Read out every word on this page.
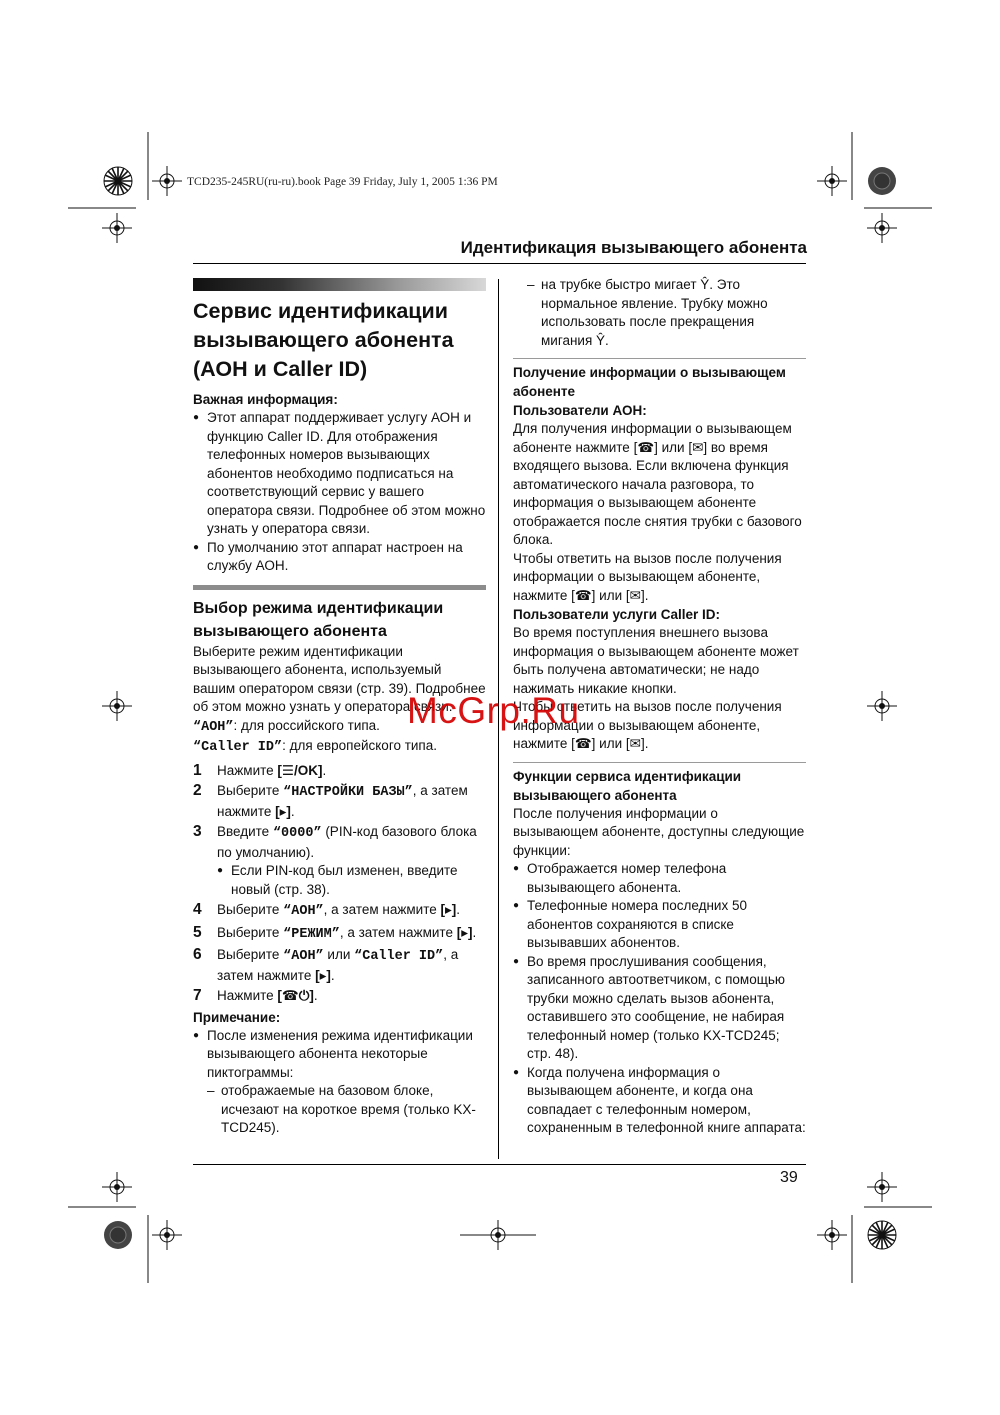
TCD235-245RU(ru-ru).book Page 39 Friday, July 1, 2005 1:36 PM
Идентификация вызывающего абонента
Сервис идентификации
вызывающего абонента
(АОН и Caller ID)
Важная информация:
● Этот аппарат поддерживает услугу АОН и функцию Caller ID. Для отображения телефонных номеров вызывающих абонентов необходимо подписаться на соответствующий сервис у вашего оператора связи. Подробнее об этом можно узнать у оператора связи.
● По умолчанию этот аппарат настроен на службу АОН.
Выбор режима идентификации
вызывающего абонента
Выберите режим идентификации вызывающего абонента, используемый вашим оператором связи (стр. 39). Подробнее об этом можно узнать у оператора связи.
“АОН”: для российского типа.
“Caller ID”: для европейского типа.
1 Нажмите [☰/OK].
2 Выберите “НАСТРОЙКИ БАЗЫ”, а затем нажмите [▸].
3 Введите “0000” (PIN-код базового блока по умолчанию).
● Если PIN-код был изменен, введите новый (стр. 38).
4 Выберите “АОН”, а затем нажмите [▸].
5 Выберите “РЕЖИМ”, а затем нажмите [▸].
6 Выберите “АОН” или “Caller ID”, а затем нажмите [▸].
7 Нажмите [☎⏻].
Примечание:
● После изменения режима идентификации вызывающего абонента некоторые пиктограммы:
– отображаемые на базовом блоке, исчезают на короткое время (только KX-TCD245).
– на трубке быстро мигает Ŷ. Это нормальное явление. Трубку можно использовать после прекращения мигания Ŷ.
Получение информации о вызывающем абоненте
Пользователи АОН:
Для получения информации о вызывающем абоненте нажмите [☎] или [✉] во время входящего вызова. Если включена функция автоматического начала разговора, то информация о вызывающем абоненте отображается после снятия трубки с базового блока.
Чтобы ответить на вызов после получения информации о вызывающем абоненте, нажмите [☎] или [✉].
Пользователи услуги Caller ID:
Во время поступления внешнего вызова информация о вызывающем абоненте может быть получена автоматически; не надо нажимать никакие кнопки.
Чтобы ответить на вызов после получения информации о вызывающем абоненте, нажмите [☎] или [✉].
Функции сервиса идентификации вызывающего абонента
После получения информации о вызывающем абоненте, доступны следующие функции:
● Отображается номер телефона вызывающего абонента.
● Телефонные номера последних 50 абонентов сохраняются в списке вызывавших абонентов.
● Во время прослушивания сообщения, записанного автоответчиком, с помощью трубки можно сделать вызов абонента, оставившего это сообщение, не набирая телефонный номер (только KX-TCD245; стр. 48).
● Когда получена информация о вызывающем абоненте, и когда она совпадает с телефонным номером, сохраненным в телефонной книге аппарата:
39
McGrp.Ru
